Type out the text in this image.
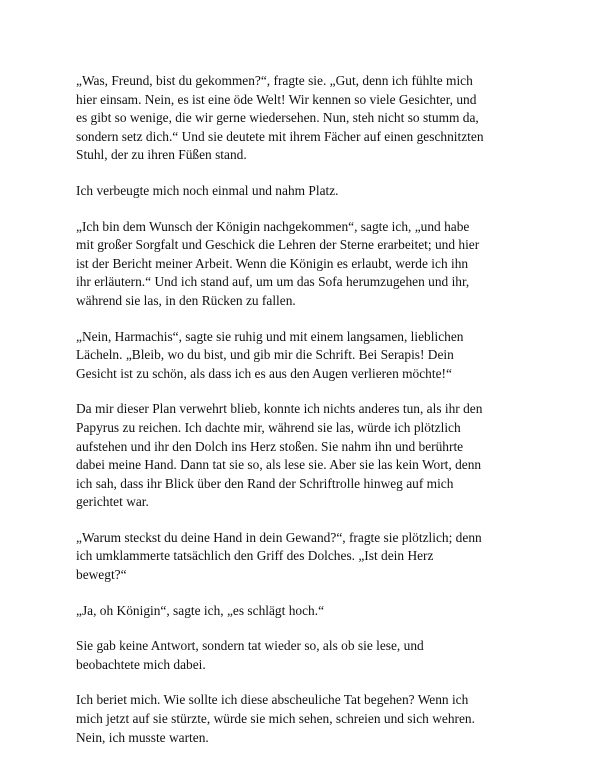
„Was, Freund, bist du gekommen?“, fragte sie. „Gut, denn ich fühlte mich
hier einsam. Nein, es ist eine öde Welt! Wir kennen so viele Gesichter, und
es gibt so wenige, die wir gerne wiedersehen. Nun, steh nicht so stumm da,
sondern setz dich.“ Und sie deutete mit ihrem Fächer auf einen geschnitzten
Stuhl, der zu ihren Füßen stand.

Ich verbeugte mich noch einmal und nahm Platz.

„Ich bin dem Wunsch der Königin nachgekommen“, sagte ich, „und habe
mit großer Sorgfalt und Geschick die Lehren der Sterne erarbeitet; und hier
ist der Bericht meiner Arbeit. Wenn die Königin es erlaubt, werde ich ihn
ihr erläutern.“ Und ich stand auf, um um das Sofa herumzugehen und ihr,
während sie las, in den Rücken zu fallen.

„Nein, Harmachis“, sagte sie ruhig und mit einem langsamen, lieblichen
Lächeln. „Bleib, wo du bist, und gib mir die Schrift. Bei Serapis! Dein
Gesicht ist zu schön, als dass ich es aus den Augen verlieren möchte!“

Da mir dieser Plan verwehrt blieb, konnte ich nichts anderes tun, als ihr den
Papyrus zu reichen. Ich dachte mir, während sie las, würde ich plötzlich
aufstehen und ihr den Dolch ins Herz stoßen. Sie nahm ihn und berührte
dabei meine Hand. Dann tat sie so, als lese sie. Aber sie las kein Wort, denn
ich sah, dass ihr Blick über den Rand der Schriftrolle hinweg auf mich
gerichtet war.

„Warum steckst du deine Hand in dein Gewand?“, fragte sie plötzlich; denn
ich umklammerte tatsächlich den Griff des Dolches. „Ist dein Herz
bewegt?“

„Ja, oh Königin“, sagte ich, „es schlägt hoch.“

Sie gab keine Antwort, sondern tat wieder so, als ob sie lese, und
beobachtete mich dabei.

Ich beriet mich. Wie sollte ich diese abscheuliche Tat begehen? Wenn ich
mich jetzt auf sie stürzte, würde sie mich sehen, schreien und sich wehren.
Nein, ich musste warten.
